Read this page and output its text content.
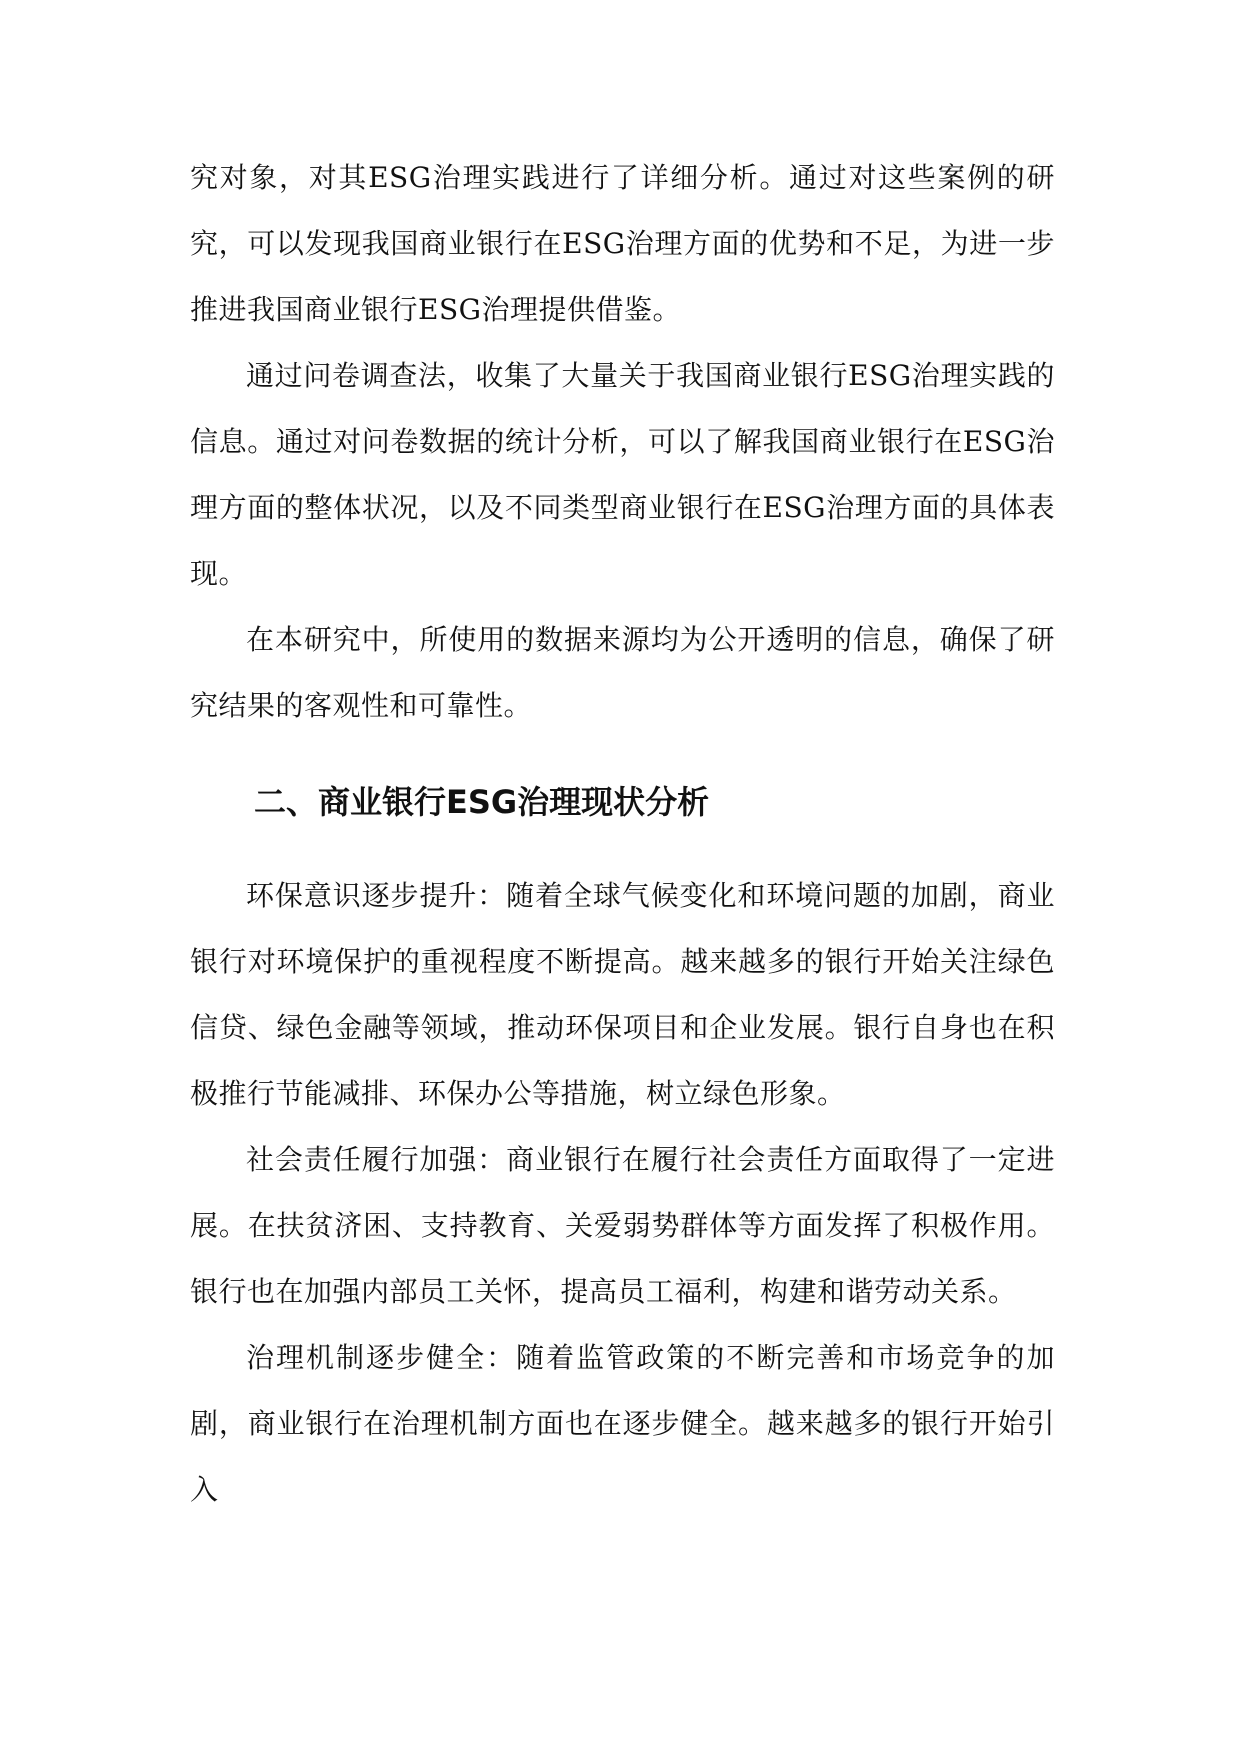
究对象，对其ESG治理实践进行了详细分析。通过对这些案例的研究，可以发现我国商业银行在ESG治理方面的优势和不足，为进一步推进我国商业银行ESG治理提供借鉴。

通过问卷调查法，收集了大量关于我国商业银行ESG治理实践的信息。通过对问卷数据的统计分析，可以了解我国商业银行在ESG治理方面的整体状况，以及不同类型商业银行在ESG治理方面的具体表现。

在本研究中，所使用的数据来源均为公开透明的信息，确保了研究结果的客观性和可靠性。

二、商业银行ESG治理现状分析

环保意识逐步提升：随着全球气候变化和环境问题的加剧，商业银行对环境保护的重视程度不断提高。越来越多的银行开始关注绿色信贷、绿色金融等领域，推动环保项目和企业发展。银行自身也在积极推行节能减排、环保办公等措施，树立绿色形象。

社会责任履行加强：商业银行在履行社会责任方面取得了一定进展。在扶贫济困、支持教育、关爱弱势群体等方面发挥了积极作用。银行也在加强内部员工关怀，提高员工福利，构建和谐劳动关系。

治理机制逐步健全：随着监管政策的不断完善和市场竞争的加剧，商业银行在治理机制方面也在逐步健全。越来越多的银行开始引入
